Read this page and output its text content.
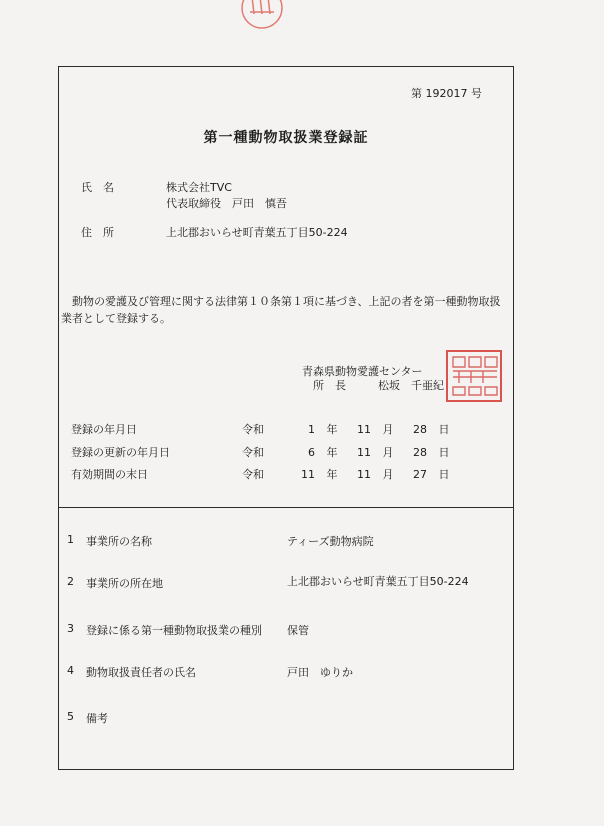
第 192017 号
第一種動物取扱業登録証
氏　名	株式会社TVC
代表取締役　戸田　慎吾
住　所	上北郡おいらせ町青葉五丁目50-224
動物の愛護及び管理に関する法律第１０条第１項に基づき、上記の者を第一種動物取扱業者として登録する。
青森県動物愛護センター
所　長	松坂　千亜紀
登録の年月日	令和	1 年 11 月 28 日
登録の更新の年月日	令和	6 年 11 月 28 日
有効期間の末日	令和	11 年 11 月 27 日
1 事業所の名称	ティーズ動物病院
2 事業所の所在地	上北郡おいらせ町青葉五丁目50-224
3 登録に係る第一種動物取扱業の種別 保管
4 動物取扱責任者の氏名	戸田　ゆりか
5 備考
